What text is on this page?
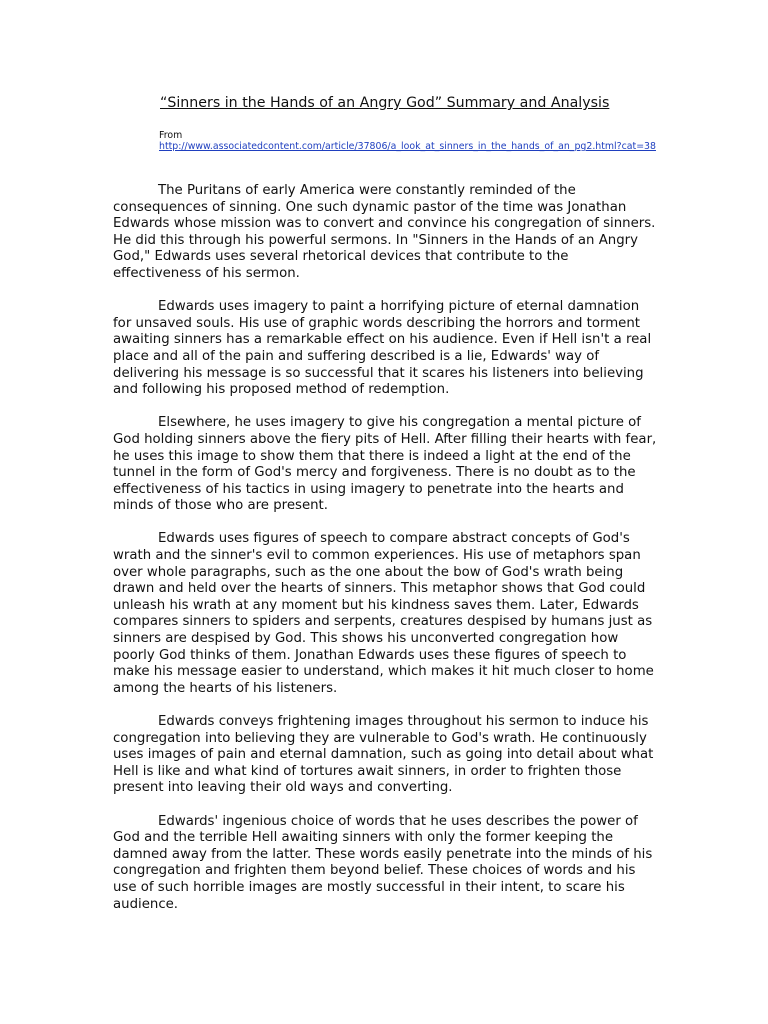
“Sinners in the Hands of an Angry God” Summary and Analysis
From
http://www.associatedcontent.com/article/37806/a_look_at_sinners_in_the_hands_of_an_pg2.html?cat=38

The Puritans of early America were constantly reminded of the consequences of sinning. One such dynamic pastor of the time was Jonathan Edwards whose mission was to convert and convince his congregation of sinners. He did this through his powerful sermons. In "Sinners in the Hands of an Angry God," Edwards uses several rhetorical devices that contribute to the effectiveness of his sermon.

Edwards uses imagery to paint a horrifying picture of eternal damnation for unsaved souls. His use of graphic words describing the horrors and torment awaiting sinners has a remarkable effect on his audience. Even if Hell isn't a real place and all of the pain and suffering described is a lie, Edwards' way of delivering his message is so successful that it scares his listeners into believing and following his proposed method of redemption.

Elsewhere, he uses imagery to give his congregation a mental picture of God holding sinners above the fiery pits of Hell. After filling their hearts with fear, he uses this image to show them that there is indeed a light at the end of the tunnel in the form of God's mercy and forgiveness. There is no doubt as to the effectiveness of his tactics in using imagery to penetrate into the hearts and minds of those who are present.

Edwards uses figures of speech to compare abstract concepts of God's wrath and the sinner's evil to common experiences. His use of metaphors span over whole paragraphs, such as the one about the bow of God's wrath being drawn and held over the hearts of sinners. This metaphor shows that God could unleash his wrath at any moment but his kindness saves them. Later, Edwards compares sinners to spiders and serpents, creatures despised by humans just as sinners are despised by God. This shows his unconverted congregation how poorly God thinks of them. Jonathan Edwards uses these figures of speech to make his message easier to understand, which makes it hit much closer to home among the hearts of his listeners.

Edwards conveys frightening images throughout his sermon to induce his congregation into believing they are vulnerable to God's wrath. He continuously uses images of pain and eternal damnation, such as going into detail about what Hell is like and what kind of tortures await sinners, in order to frighten those present into leaving their old ways and converting.

Edwards' ingenious choice of words that he uses describes the power of God and the terrible Hell awaiting sinners with only the former keeping the damned away from the latter. These words easily penetrate into the minds of his congregation and frighten them beyond belief. These choices of words and his use of such horrible images are mostly successful in their intent, to scare his audience.
